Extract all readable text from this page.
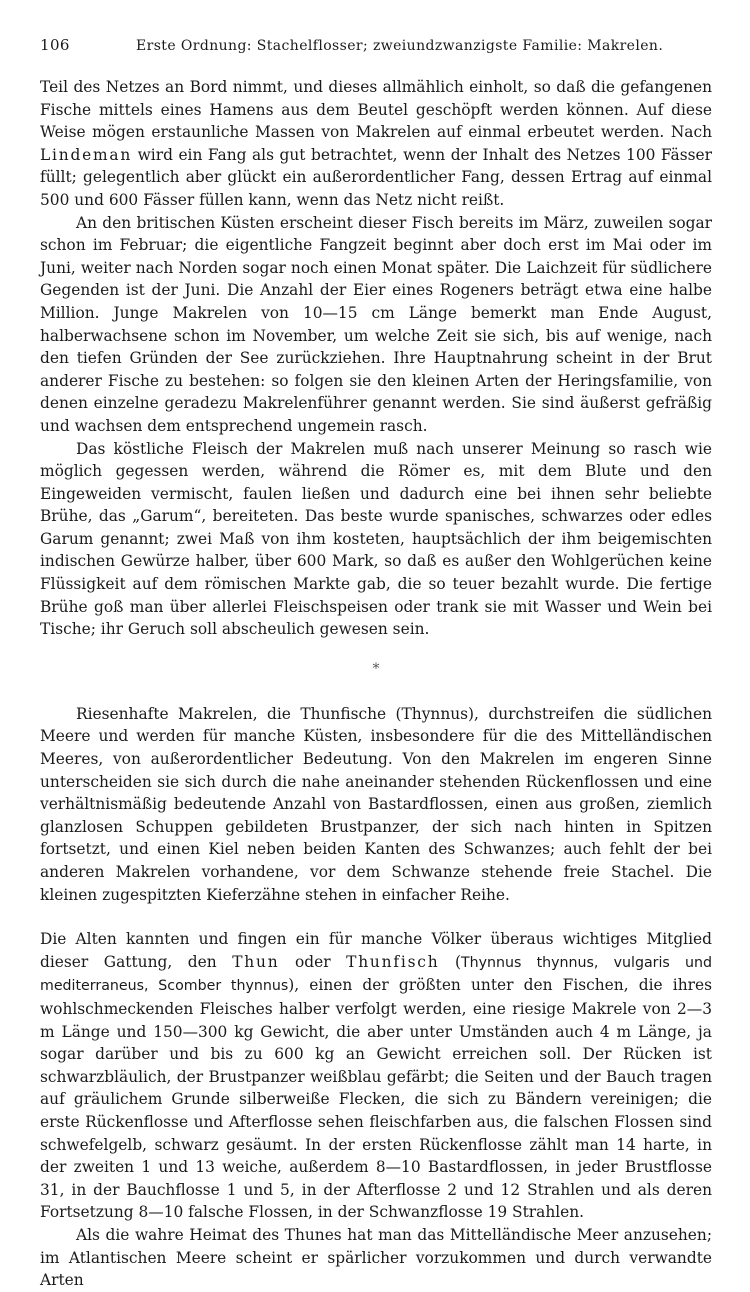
106	Erste Ordnung: Stachelflosser; zweiundzwanzigste Familie: Makrelen.

Teil des Netzes an Bord nimmt, und dieses allmählich einholt, so daß die gefangenen Fische mittels eines Hamens aus dem Beutel geschöpft werden können. Auf diese Weise mögen erstaunliche Massen von Makrelen auf einmal erbeutet werden. Nach Lindeman wird ein Fang als gut betrachtet, wenn der Inhalt des Netzes 100 Fässer füllt; gelegentlich aber glückt ein außerordentlicher Fang, dessen Ertrag auf einmal 500 und 600 Fässer füllen kann, wenn das Netz nicht reißt.

An den britischen Küsten erscheint dieser Fisch bereits im März, zuweilen sogar schon im Februar; die eigentliche Fangzeit beginnt aber doch erst im Mai oder im Juni, weiter nach Norden sogar noch einen Monat später. Die Laichzeit für südlichere Gegenden ist der Juni. Die Anzahl der Eier eines Rogeners beträgt etwa eine halbe Million. Junge Makrelen von 10—15 cm Länge bemerkt man Ende August, halberwachsene schon im November, um welche Zeit sie sich, bis auf wenige, nach den tiefen Gründen der See zurückziehen. Ihre Hauptnahrung scheint in der Brut anderer Fische zu bestehen: so folgen sie den kleinen Arten der Heringsfamilie, von denen einzelne geradezu Makrelenführer genannt werden. Sie sind äußerst gefräßig und wachsen dem entsprechend ungemein rasch.

Das köstliche Fleisch der Makrelen muß nach unserer Meinung so rasch wie möglich gegessen werden, während die Römer es, mit dem Blute und den Eingeweiden vermischt, faulen ließen und dadurch eine bei ihnen sehr beliebte Brühe, das „Garum“, bereiteten. Das beste wurde spanisches, schwarzes oder edles Garum genannt; zwei Maß von ihm kosteten, hauptsächlich der ihm beigemischten indischen Gewürze halber, über 600 Mark, so daß es außer den Wohlgerüchen keine Flüssigkeit auf dem römischen Markte gab, die so teuer bezahlt wurde. Die fertige Brühe goß man über allerlei Fleischspeisen oder trank sie mit Wasser und Wein bei Tische; ihr Geruch soll abscheulich gewesen sein.

*

Riesenhafte Makrelen, die Thunfische (Thynnus), durchstreifen die südlichen Meere und werden für manche Küsten, insbesondere für die des Mittelländischen Meeres, von außerordentlicher Bedeutung. Von den Makrelen im engeren Sinne unterscheiden sie sich durch die nahe aneinander stehenden Rückenflossen und eine verhältnismäßig bedeutende Anzahl von Bastardflossen, einen aus großen, ziemlich glanzlosen Schuppen gebildeten Brustpanzer, der sich nach hinten in Spitzen fortsetzt, und einen Kiel neben beiden Kanten des Schwanzes; auch fehlt der bei anderen Makrelen vorhandene, vor dem Schwanze stehende freie Stachel. Die kleinen zugespitzten Kieferzähne stehen in einfacher Reihe.

Die Alten kannten und fingen ein für manche Völker überaus wichtiges Mitglied dieser Gattung, den Thun oder Thunfisch (Thynnus thynnus, vulgaris und mediterraneus, Scomber thynnus), einen der größten unter den Fischen, die ihres wohlschmeckenden Fleisches halber verfolgt werden, eine riesige Makrele von 2—3 m Länge und 150—300 kg Gewicht, die aber unter Umständen auch 4 m Länge, ja sogar darüber und bis zu 600 kg an Gewicht erreichen soll. Der Rücken ist schwarzbläulich, der Brustpanzer weißblau gefärbt; die Seiten und der Bauch tragen auf gräulichem Grunde silberweiße Flecken, die sich zu Bändern vereinigen; die erste Rückenflosse und Afterflosse sehen fleischfarben aus, die falschen Flossen sind schwefelgelb, schwarz gesäumt. In der ersten Rückenflosse zählt man 14 harte, in der zweiten 1 und 13 weiche, außerdem 8—10 Bastardflossen, in jeder Brustflosse 31, in der Bauchflosse 1 und 5, in der Afterflosse 2 und 12 Strahlen und als deren Fortsetzung 8—10 falsche Flossen, in der Schwanzflosse 19 Strahlen.

Als die wahre Heimat des Thunes hat man das Mittelländische Meer anzusehen; im Atlantischen Meere scheint er spärlicher vorzukommen und durch verwandte Arten
